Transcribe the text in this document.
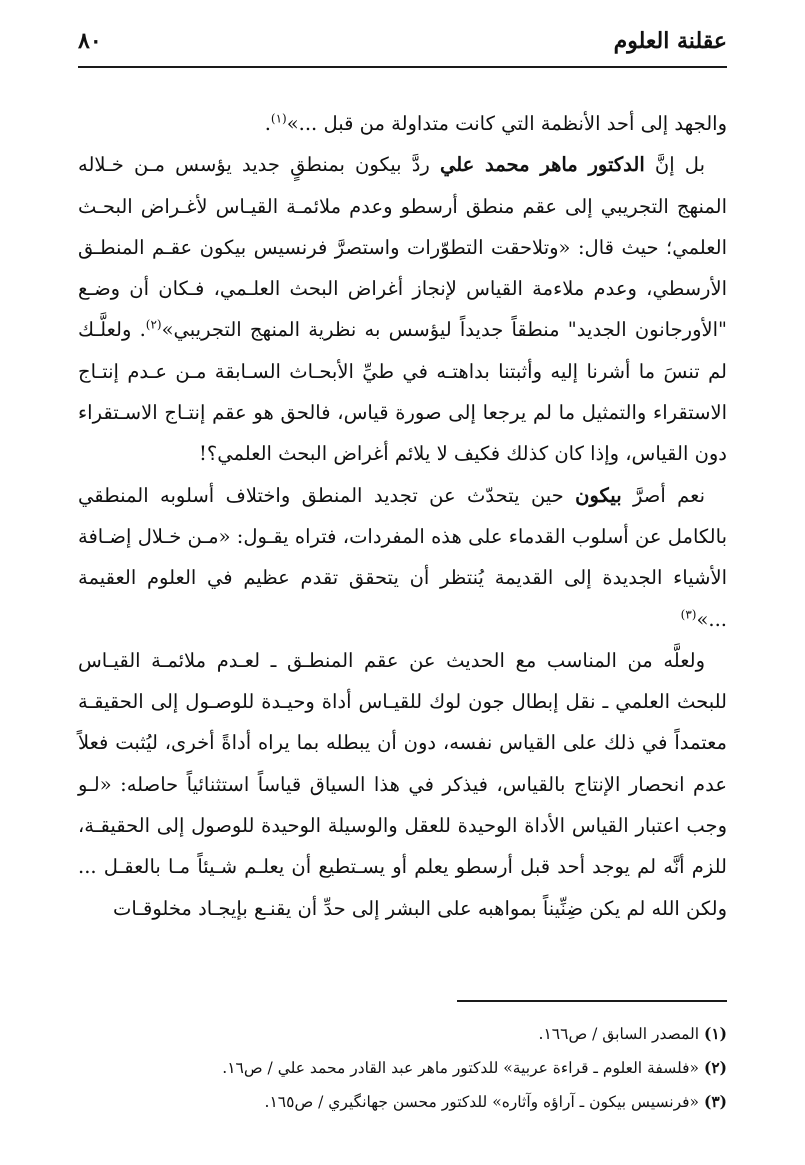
عقلنة العلوم
٨٠

والجهد إلى أحد الأنظمة التي كانت متداولة من قبل ...»$^{(١)}$.

بل إنَّ الدكتور ماهر محمد علي ردَّ بيكون بمنطقٍ جديد يؤسس مـن خـلاله المنهج التجريبي إلى عقم منطق أرسطو وعدم ملائمـة القيـاس لأغـراض البحـث العلمي؛ حيث قال: «وتلاحقت التطوّرات واستصرَّ فرنسيس بيكون عقـم المنطـق الأرسطي، وعدم ملاءمة القياس لإنجاز أغراض البحث العلـمي، فـكان أن وضـع "الأورجانون الجديد" منطقاً جديداً ليؤسس به نظرية المنهج التجريبي»$^{(٢)}$. ولعلَّـك لم تنسَ ما أشرنا إليه وأثبتنا بداهتـه في طيِّ الأبحـاث السـابقة مـن عـدم إنتـاج الاستقراء والتمثيل ما لم يرجعا إلى صورة قياس، فالحق هو عقم إنتـاج الاسـتقراء دون القياس، وإذا كان كذلك فكيف لا يلائم أغراض البحث العلمي؟!

نعم أصرَّ بيكون حين يتحدّث عن تجديد المنطق واختلاف أسلوبه المنطقي بالكامل عن أسلوب القدماء على هذه المفردات، فتراه يقـول: «مـن خـلال إضـافة الأشياء الجديدة إلى القديمة يُنتظر أن يتحقق تقدم عظيم في العلوم العقيمة ...»$^{(٣)}$

ولعلَّه من المناسب مع الحديث عن عقم المنطـق ـ لعـدم ملائمـة القيـاس للبحث العلمي ـ نقل إبطال جون لوك للقيـاس أداة وحيـدة للوصـول إلى الحقيقـة معتمداً في ذلك على القياس نفسه، دون أن يبطله بما يراه أداةً أخرى، ليُثبت فعلاً عدم انحصار الإنتاج بالقياس، فيذكر في هذا السياق قياساً استثنائياً حاصله: «لـو وجب اعتبار القياس الأداة الوحيدة للعقل والوسيلة الوحيدة للوصول إلى الحقيقـة، للزم أنَّه لم يوجد أحد قبل أرسطو يعلم أو يسـتطيع أن يعلـم شـيئاً مـا بالعقـل ... ولكن الله لم يكن ضِنِّيناً بمواهبه على البشر إلى حدِّ أن يقنـع بإيجـاد مخلوقـات

(١) المصدر السابق / ص١٦٦.

(٢) «فلسفة العلوم ـ قراءة عربية» للدكتور ماهر عبد القادر محمد علي / ص١٦.

(٣) «فرنسيس بيكون ـ آراؤه وآثاره» للدكتور محسن جهانگيري / ص١٦٥.
